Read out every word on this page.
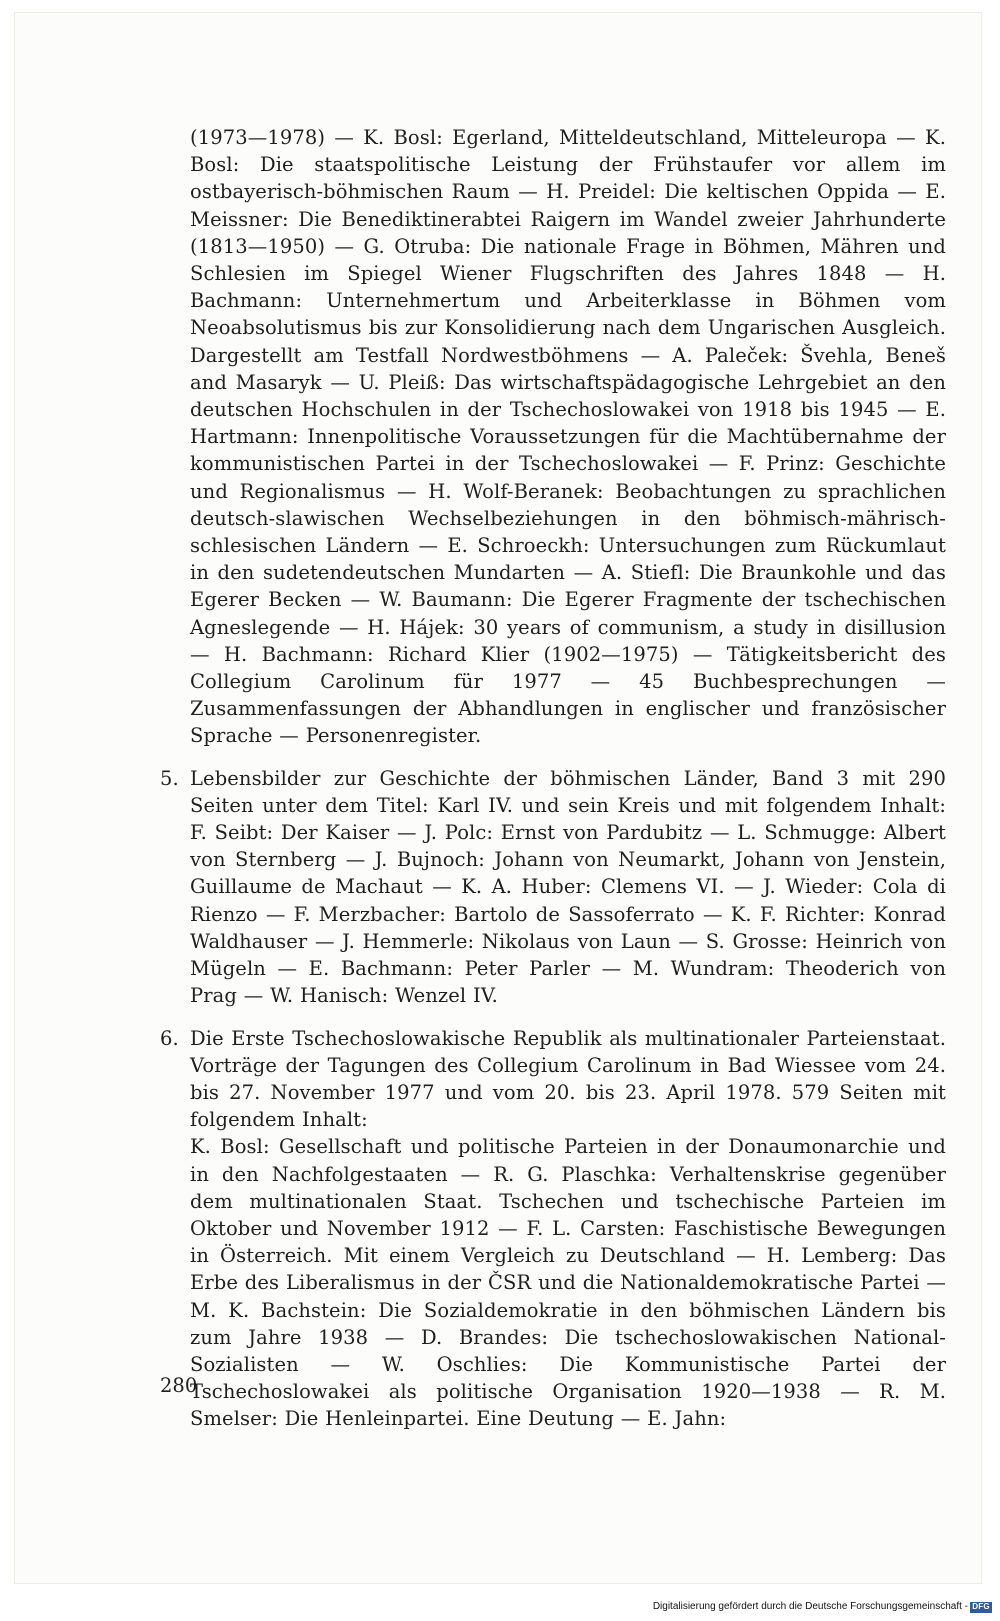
(1973—1978) — K. Bosl: Egerland, Mitteldeutschland, Mitteleuropa — K. Bosl: Die staatspolitische Leistung der Frühstaufer vor allem im ostbayerisch-böhmischen Raum — H. Preidel: Die keltischen Oppida — E. Meissner: Die Benediktinerabtei Raigern im Wandel zweier Jahrhunderte (1813—1950) — G. Otruba: Die nationale Frage in Böhmen, Mähren und Schlesien im Spiegel Wiener Flugschriften des Jahres 1848 — H. Bachmann: Unternehmertum und Arbeiterklasse in Böhmen vom Neoabsolutismus bis zur Konsolidierung nach dem Ungarischen Ausgleich. Dargestellt am Testfall Nordwestböhmens — A. Paleček: Švehla, Beneš and Masaryk — U. Pleiß: Das wirtschaftspädagogische Lehrgebiet an den deutschen Hochschulen in der Tschechoslowakei von 1918 bis 1945 — E. Hartmann: Innenpolitische Voraussetzungen für die Machtübernahme der kommunistischen Partei in der Tschechoslowakei — F. Prinz: Geschichte und Regionalismus — H. Wolf-Beranek: Beobachtungen zu sprachlichen deutsch-slawischen Wechselbeziehungen in den böhmisch-mährisch-schlesischen Ländern — E. Schroeckh: Untersuchungen zum Rückumlaut in den sudetendeutschen Mundarten — A. Stiefl: Die Braunkohle und das Egerer Becken — W. Baumann: Die Egerer Fragmente der tschechischen Agneslegende — H. Hájek: 30 years of communism, a study in disillusion — H. Bachmann: Richard Klier (1902—1975) — Tätigkeitsbericht des Collegium Carolinum für 1977 — 45 Buchbesprechungen — Zusammenfassungen der Abhandlungen in englischer und französischer Sprache — Personenregister.

5. Lebensbilder zur Geschichte der böhmischen Länder, Band 3 mit 290 Seiten unter dem Titel: Karl IV. und sein Kreis und mit folgendem Inhalt: F. Seibt: Der Kaiser — J. Polc: Ernst von Pardubitz — L. Schmugge: Albert von Sternberg — J. Bujnoch: Johann von Neumarkt, Johann von Jenstein, Guillaume de Machaut — K. A. Huber: Clemens VI. — J. Wieder: Cola di Rienzo — F. Merzbacher: Bartolo de Sassoferrato — K. F. Richter: Konrad Waldhauser — J. Hemmerle: Nikolaus von Laun — S. Grosse: Heinrich von Mügeln — E. Bachmann: Peter Parler — M. Wundram: Theoderich von Prag — W. Hanisch: Wenzel IV.

6. Die Erste Tschechoslowakische Republik als multinationaler Parteienstaat. Vorträge der Tagungen des Collegium Carolinum in Bad Wiessee vom 24. bis 27. November 1977 und vom 20. bis 23. April 1978. 579 Seiten mit folgendem Inhalt:

K. Bosl: Gesellschaft und politische Parteien in der Donaumonarchie und in den Nachfolgestaaten — R. G. Plaschka: Verhaltenskrise gegenüber dem multinationalen Staat. Tschechen und tschechische Parteien im Oktober und November 1912 — F. L. Carsten: Faschistische Bewegungen in Österreich. Mit einem Vergleich zu Deutschland — H. Lemberg: Das Erbe des Liberalismus in der ČSR und die Nationaldemokratische Partei — M. K. Bachstein: Die Sozialdemokratie in den böhmischen Ländern bis zum Jahre 1938 — D. Brandes: Die tschechoslowakischen National-Sozialisten — W. Oschlies: Die Kommunistische Partei der Tschechoslowakei als politische Organisation 1920—1938 — R. M. Smelser: Die Henleinpartei. Eine Deutung — E. Jahn:

280
Digitalisierung gefördert durch die Deutsche Forschungsgemeinschaft - DFG
